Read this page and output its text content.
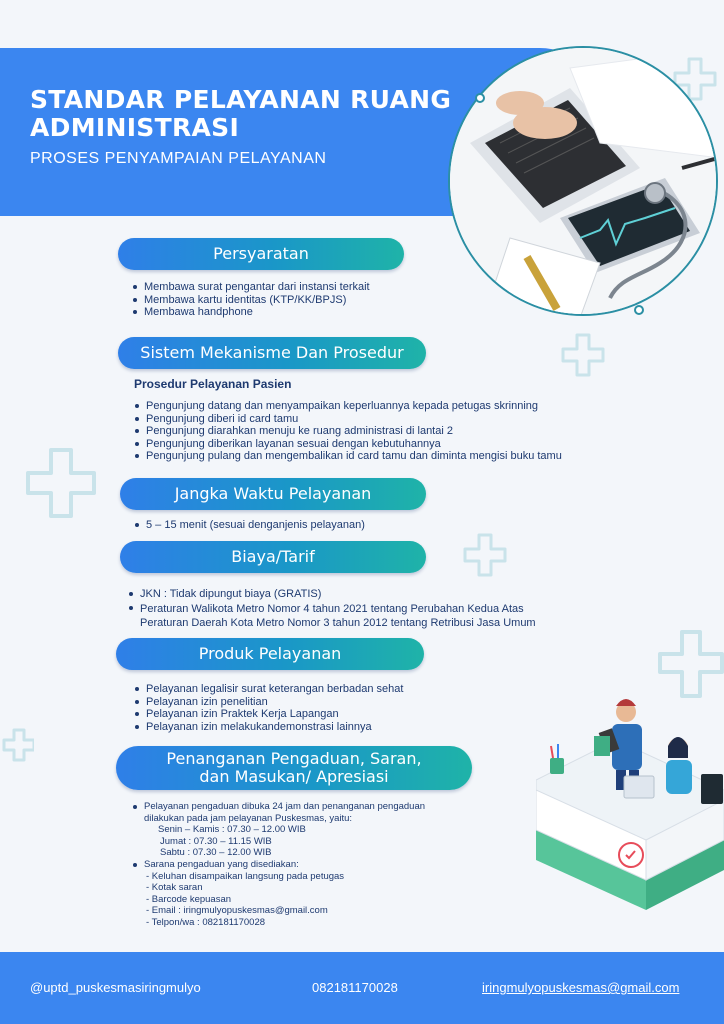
STANDAR PELAYANAN RUANG ADMINISTRASI
PROSES PENYAMPAIAN PELAYANAN
Persyaratan
Membawa surat pengantar dari instansi terkait
Membawa kartu identitas (KTP/KK/BPJS)
Membawa handphone
Sistem Mekanisme Dan Prosedur
Prosedur Pelayanan Pasien
Pengunjung datang dan menyampaikan keperluannya kepada petugas skrinning
Pengunjung diberi id card tamu
Pengunjung diarahkan menuju ke ruang administrasi di lantai 2
Pengunjung diberikan layanan sesuai dengan kebutuhannya
Pengunjung pulang dan mengembalikan id card tamu dan diminta mengisi buku tamu
Jangka Waktu Pelayanan
5 – 15 menit (sesuai denganjenis pelayanan)
Biaya/Tarif
JKN : Tidak dipungut biaya (GRATIS)
Peraturan Walikota Metro Nomor 4 tahun 2021 tentang Perubahan Kedua Atas Peraturan Daerah Kota Metro Nomor 3 tahun 2012 tentang Retribusi Jasa Umum
Produk Pelayanan
Pelayanan legalisir surat keterangan berbadan sehat
Pelayanan izin penelitian
Pelayanan izin Praktek Kerja Lapangan
Pelayanan izin melakukandemonstrasi lainnya
Penanganan Pengaduan, Saran,
dan Masukan/ Apresiasi
Pelayanan pengaduan dibuka 24 jam dan penanganan pengaduan
dilakukan pada jam pelayanan Puskesmas, yaitu:
Senin – Kamis : 07.30 – 12.00 WIB
Jumat : 07.30 – 11.15 WIB
Sabtu : 07.30 – 12.00 WIB
Sarana pengaduan yang disediakan:
- Keluhan disampaikan langsung pada petugas
- Kotak saran
- Barcode kepuasan
- Email : iringmulyopuskesmas@gmail.com
- Telpon/wa : 082181170028
@uptd_puskesmasiringmulyo	082181170028	iringmulyopuskesmas@gmail.com
